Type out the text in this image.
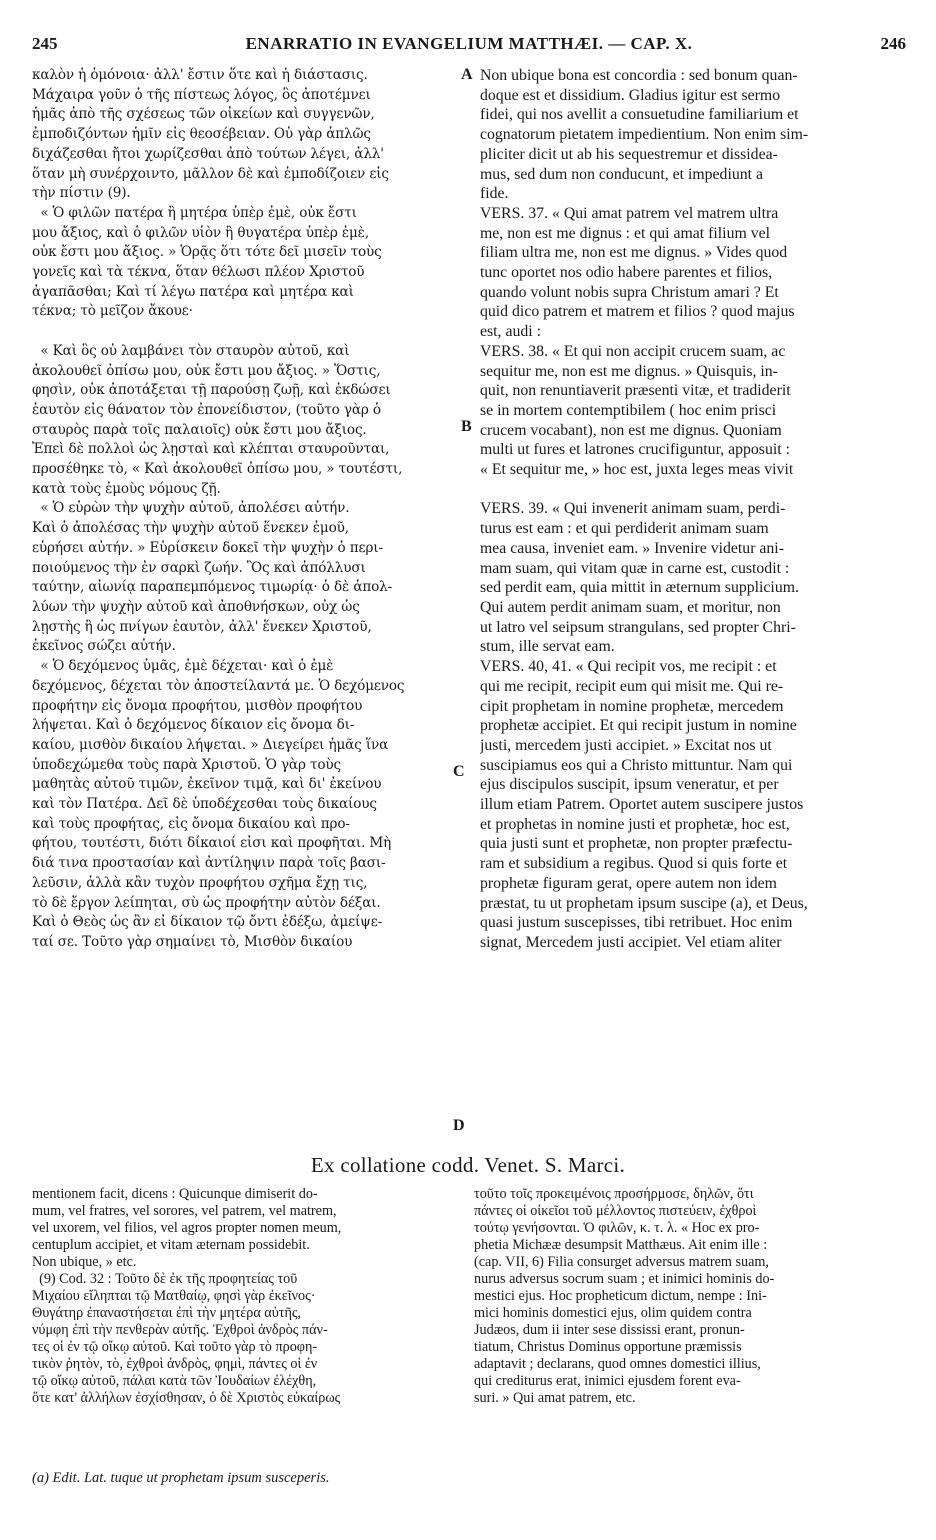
245	ENARRATIO IN EVANGELIUM MATTHÆI. — CAP. X.	246
καλὸν ἡ ὁμόνοια· ἀλλ' ἔστιν ὅτε καὶ ἡ διάστασις.
Μάχαιρα γοῦν ὁ τῆς πίστεως λόγος, ὃς ἀποτέμνει
ἡμᾶς ἀπὸ τῆς σχέσεως τῶν οἰκείων καὶ συγγενῶν,
ἐμποδιζόντων ἡμῖν εἰς θεοσέβειαν. Οὐ γὰρ ἁπλῶς
διχάζεσθαι ἤτοι χωρίζεσθαι ἀπὸ τούτων λέγει, ἀλλ'
ὅταν μὴ συνέρχοιντο, μᾶλλον δὲ καὶ ἐμποδίζοιεν εἰς
τὴν πίστιν (9).
« Ὁ φιλῶν πατέρα ἢ μητέρα ὑπὲρ ἐμὲ, οὐκ ἔστι
μου ἄξιος, καὶ ὁ φιλῶν υἱὸν ἢ θυγατέρα ὑπὲρ ἐμὲ,
οὐκ ἔστι μου ἄξιος. » Ὁρᾷς ὅτι τότε δεῖ μισεῖν τοὺς
γονεῖς καὶ τὰ τέκνα, ὅταν θέλωσι πλέον Χριστοῦ
ἀγαπᾶσθαι; Καὶ τί λέγω πατέρα καὶ μητέρα καὶ
τέκνα; τὸ μεῖζον ἄκουε·

« Καὶ ὃς οὐ λαμβάνει τὸν σταυρὸν αὐτοῦ, καὶ
ἀκολουθεῖ ὀπίσω μου, οὐκ ἔστι μου ἄξιος. » Ὅστις,
φησὶν, οὐκ ἀποτάξεται τῇ παρούσῃ ζωῇ, καὶ ἐκδώσει
ἑαυτὸν εἰς θάνατον τὸν ἐπονείδιστον, (τοῦτο γὰρ ὁ
σταυρὸς παρὰ τοῖς παλαιοῖς) οὐκ ἔστι μου ἄξιος.
Ἐπεὶ δὲ πολλοὶ ὡς λῃσταὶ καὶ κλέπται σταυροῦνται,
προσέθηκε τὸ, « Καὶ ἀκολουθεῖ ὀπίσω μου, » τουτέστι,
κατὰ τοὺς ἐμοὺς νόμους ζῇ.
« Ὁ εὑρὼν τὴν ψυχὴν αὐτοῦ, ἀπολέσει αὐτήν.
Καὶ ὁ ἀπολέσας τὴν ψυχὴν αὐτοῦ ἕνεκεν ἐμοῦ,
εὑρήσει αὐτήν. » Εὑρίσκειν δοκεῖ τὴν ψυχὴν ὁ περι-
ποιούμενος τὴν ἐν σαρκὶ ζωήν. Ὃς καὶ ἀπόλλυσι
ταύτην, αἰωνίᾳ παραπεμπόμενος τιμωρίᾳ· ὁ δὲ ἀπολ-
λύων τὴν ψυχὴν αὐτοῦ καὶ ἀποθνήσκων, οὐχ ὡς
λῃστὴς ἢ ὡς πνίγων ἑαυτὸν, ἀλλ' ἕνεκεν Χριστοῦ,
ἐκεῖνος σώζει αὐτήν.
« Ὁ δεχόμενος ὑμᾶς, ἐμὲ δέχεται· καὶ ὁ ἐμὲ
δεχόμενος, δέχεται τὸν ἀποστείλαντά με. Ὁ δεχόμενος
προφήτην εἰς ὄνομα προφήτου, μισθὸν προφήτου
λήψεται. Καὶ ὁ δεχόμενος δίκαιον εἰς ὄνομα δι-
καίου, μισθὸν δικαίου λήψεται. » Διεγείρει ἡμᾶς ἵνα
ὑποδεχώμεθα τοὺς παρὰ Χριστοῦ. Ὁ γὰρ τοὺς
μαθητὰς αὐτοῦ τιμῶν, ἐκεῖνον τιμᾷ, καὶ δι' ἐκείνου
καὶ τὸν Πατέρα. Δεῖ δὲ ὑποδέχεσθαι τοὺς δικαίους
καὶ τοὺς προφήτας, εἰς ὄνομα δικαίου καὶ προ-
φήτου, τουτέστι, διότι δίκαιοί εἰσι καὶ προφῆται. Μὴ
διά τινα προστασίαν καὶ ἀντίληψιν παρὰ τοῖς βασι-
λεῦσιν, ἀλλὰ κἂν τυχὸν προφήτου σχῆμα ἔχῃ τις,
τὸ δὲ ἔργον λείπηται, σὺ ὡς προφήτην αὐτὸν δέξαι.
Καὶ ὁ Θεὸς ὡς ἂν εἰ δίκαιον τῷ ὄντι ἐδέξω, ἀμείψε-
ταί σε. Τοῦτο γὰρ σημαίνει τὸ, Μισθὸν δικαίου
Non ubique bona est concordia : sed bonum quan-
doque est et dissidium. Gladius igitur est sermo
fidei, qui nos avellit a consuetudine familiarium et
cognatorum pietatem impedientium. Non enim sim-
pliciter dicit ut ab his sequestremur et dissidea-
mus, sed dum non conducunt, et impediunt a
fide.
VERS. 37. « Qui amat patrem vel matrem ultra
me, non est me dignus : et qui amat filium vel
filiam ultra me, non est me dignus. » Vides quod
tunc oportet nos odio habere parentes et filios,
quando volunt nobis supra Christum amari ? Et
quid dico patrem et matrem et filios ? quod majus
est, audi :
VERS. 38. « Et qui non accipit crucem suam, ac
sequitur me, non est me dignus. » Quisquis, in-
quit, non renuntiaverit præsenti vitæ, et tradiderit
se in mortem contemptibilem ( hoc enim prisci
crucem vocabant), non est me dignus. Quoniam
multi ut fures et latrones crucifiguntur, apposuit :
« Et sequitur me, » hoc est, juxta leges meas vivit

VERS. 39. « Qui invenerit animam suam, perdi-
turus est eam : et qui perdiderit animam suam
mea causa, inveniet eam. » Invenire videtur ani-
mam suam, qui vitam quæ in carne est, custodit :
sed perdit eam, quia mittit in æternum supplicium.
Qui autem perdit animam suam, et moritur, non
ut latro vel seipsum strangulans, sed propter Chri-
stum, ille servat eam.
VERS. 40, 41. « Qui recipit vos, me recipit : et
qui me recipit, recipit eum qui misit me. Qui re-
cipit prophetam in nomine prophetæ, mercedem
prophetæ accipiet. Et qui recipit justum in nomine
justi, mercedem justi accipiet. » Excitat nos ut
suscipiamus eos qui a Christo mittuntur. Nam qui
ejus discipulos suscipit, ipsum veneratur, et per
illum etiam Patrem. Oportet autem suscipere justos
et prophetas in nomine justi et prophetæ, hoc est,
quia justi sunt et prophetæ, non propter præfectu-
ram et subsidium a regibus. Quod si quis forte et
prophetæ figuram gerat, opere autem non idem
præstat, tu ut prophetam ipsum suscipe (a), et Deus,
quasi justum suscepisses, tibi retribuet. Hoc enim
signat, Mercedem justi accipiet. Vel etiam aliter
A
B
C
D
Ex collatione codd. Venet. S. Marci.
mentionem facit, dicens : Quicunque dimiserit do-
mum, vel fratres, vel sorores, vel patrem, vel matrem,
vel uxorem, vel filios, vel agros propter nomen meum,
centuplum accipiet, et vitam æternam possidebit.
Non ubique, » etc.
(9) Cod. 32 : Τοῦτο δὲ ἐκ τῆς προφητείας τοῦ
Μιχαίου εἴληπται τῷ Ματθαίῳ, φησὶ γὰρ ἐκεῖνος·
Θυγάτηρ ἐπαναστήσεται ἐπὶ τὴν μητέρα αὐτῆς,
νύμφη ἐπὶ τὴν πενθερὰν αὐτῆς. Ἐχθροὶ ἀνδρὸς πάν-
τες οἱ ἐν τῷ οἴκῳ αὐτοῦ. Καὶ τοῦτο γὰρ τὸ προφη-
τικὸν ῥητὸν, τὸ, ἐχθροὶ ἀνδρὸς, φημὶ, πάντες οἱ ἐν
τῷ οἴκῳ αὐτοῦ, πάλαι κατὰ τῶν Ἰουδαίων ἐλέχθη,
ὅτε κατ' ἀλλήλων ἐσχίσθησαν, ὁ δὲ Χριστὸς εὐκαίρως
τοῦτο τοῖς προκειμένοις προσήρμοσε, δηλῶν, ὅτι
πάντες οἱ οἰκεῖοι τοῦ μέλλοντος πιστεύειν, ἐχθροὶ
τούτῳ γενήσονται. Ὁ φιλῶν, κ. τ. λ. « Hoc ex pro-
phetia Michææ desumpsit Matthæus. Ait enim ille :
(cap. VII, 6) Filia consurget adversus matrem suam,
nurus adversus socrum suam ; et inimici hominis do-
mestici ejus. Hoc propheticum dictum, nempe : Ini-
mici hominis domestici ejus, olim quidem contra
Judæos, dum ii inter sese dississi erant, pronun-
tiatum, Christus Dominus opportune præmissis
adaptavit ; declarans, quod omnes domestici illius,
qui crediturus erat, inimici ejusdem forent eva-
suri. » Qui amat patrem, etc.
(a) Edit. Lat. tuque ut prophetam ipsum susceperis.
